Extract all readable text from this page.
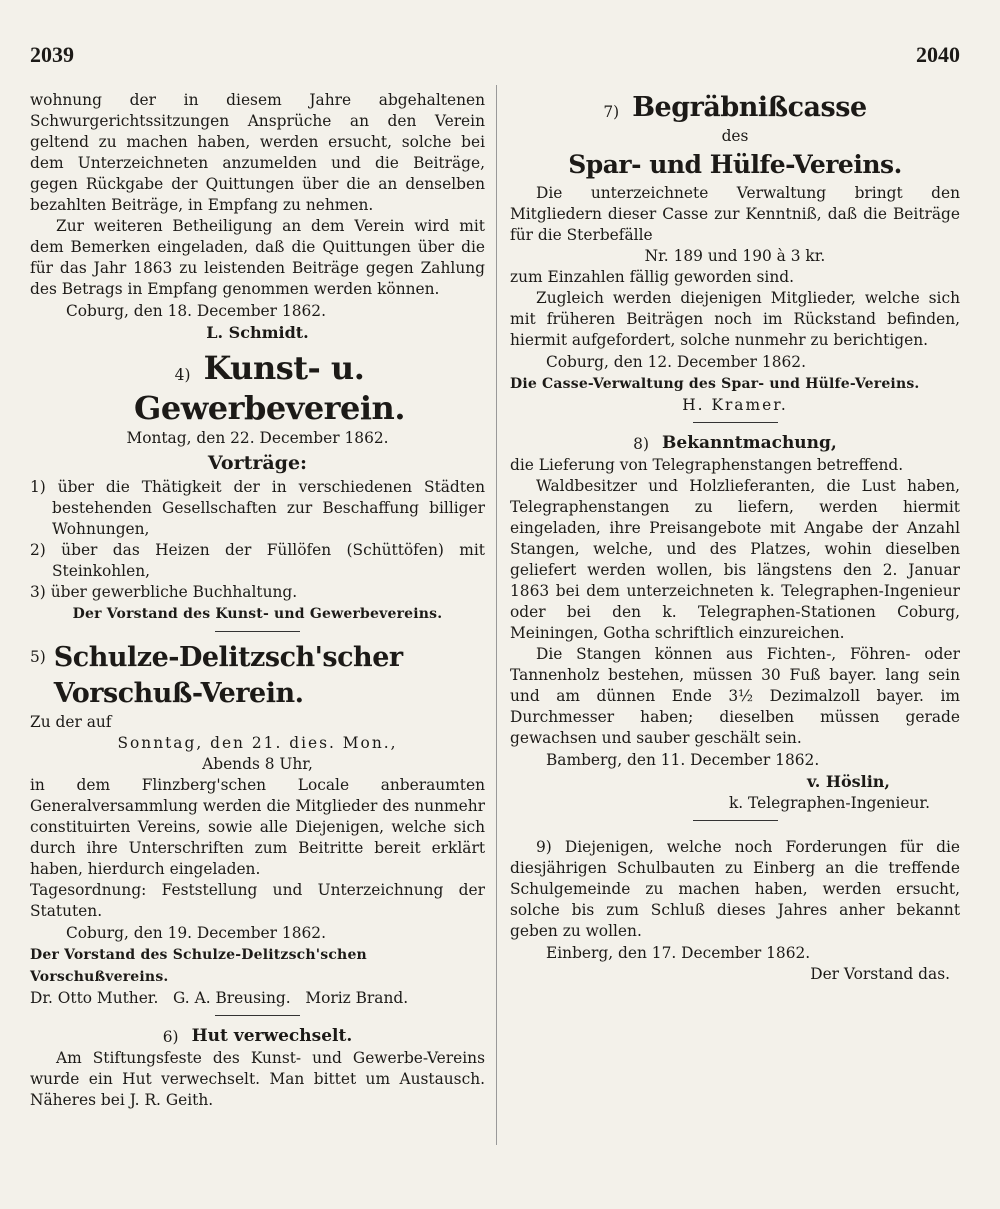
2039	2040

wohnung der in diesem Jahre abgehaltenen Schwurgerichtssitzungen Ansprüche an den Verein geltend zu machen haben, werden ersucht, solche bei dem Unterzeichneten anzumelden und die Beiträge, gegen Rückgabe der Quittungen über die an denselben bezahlten Beiträge, in Empfang zu nehmen.

Zur weiteren Betheiligung an dem Verein wird mit dem Bemerken eingeladen, daß die Quittungen über die für das Jahr 1863 zu leistenden Beiträge gegen Zahlung des Betrags in Empfang genommen werden können.

Coburg, den 18. December 1862.

L. Schmidt.

4) Kunst- u. Gewerbeverein.

Montag, den 22. December 1862.

Vorträge:

1) über die Thätigkeit der in verschiedenen Städten bestehenden Gesellschaften zur Beschaffung billiger Wohnungen,

2) über das Heizen der Füllöfen (Schüttöfen) mit Steinkohlen,

3) über gewerbliche Buchhaltung.

Der Vorstand des Kunst- und Gewerbevereins.

5) Schulze-Delitzsch'scher Vorschuß-Verein.

Zu der auf

Sonntag, den 21. dies. Mon.,

Abends 8 Uhr,

in dem Flinzberg'schen Locale anberaumten Generalversammlung werden die Mitglieder des nunmehr constituirten Vereins, sowie alle Diejenigen, welche sich durch ihre Unterschriften zum Beitritte bereit erklärt haben, hierdurch eingeladen.

Tagesordnung: Feststellung und Unterzeichnung der Statuten.

Coburg, den 19. December 1862.

Der Vorstand des Schulze-Delitzsch'schen Vorschußvereins.

Dr. Otto Muther.   G. A. Breusing.   Moriz Brand.

6) Hut verwechselt.

Am Stiftungsfeste des Kunst- und Gewerbe-Vereins wurde ein Hut verwechselt. Man bittet um Austausch. Näheres bei J. R. Geith.

7) Begräbnißcasse

des

Spar- und Hülfe-Vereins.

Die unterzeichnete Verwaltung bringt den Mitgliedern dieser Casse zur Kenntniß, daß die Beiträge für die Sterbefälle

Nr. 189 und 190 à 3 kr.

zum Einzahlen fällig geworden sind.

Zugleich werden diejenigen Mitglieder, welche sich mit früheren Beiträgen noch im Rückstand befinden, hiermit aufgefordert, solche nunmehr zu berichtigen.

Coburg, den 12. December 1862.

Die Casse-Verwaltung des Spar- und Hülfe-Vereins.

H. Kramer.

8) Bekanntmachung,

die Lieferung von Telegraphenstangen betreffend.

Waldbesitzer und Holzlieferanten, die Lust haben, Telegraphenstangen zu liefern, werden hiermit eingeladen, ihre Preisangebote mit Angabe der Anzahl Stangen, welche, und des Platzes, wohin dieselben geliefert werden wollen, bis längstens den 2. Januar 1863 bei dem unterzeichneten k. Telegraphen-Ingenieur oder bei den k. Telegraphen-Stationen Coburg, Meiningen, Gotha schriftlich einzureichen.

Die Stangen können aus Fichten-, Föhren- oder Tannenholz bestehen, müssen 30 Fuß bayer. lang sein und am dünnen Ende 3½ Dezimalzoll bayer. im Durchmesser haben; dieselben müssen gerade gewachsen und sauber geschält sein.

Bamberg, den 11. December 1862.

v. Höslin,

k. Telegraphen-Ingenieur.

9) Diejenigen, welche noch Forderungen für die diesjährigen Schulbauten zu Einberg an die treffende Schulgemeinde zu machen haben, werden ersucht, solche bis zum Schluß dieses Jahres anher bekannt geben zu wollen.

Einberg, den 17. December 1862.

Der Vorstand das.
